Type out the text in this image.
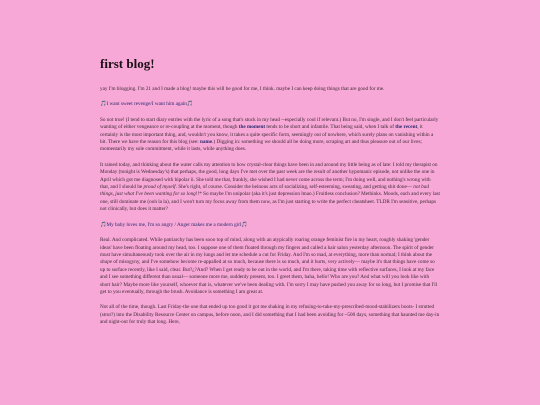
first blog!

yay I'm blogging. I'm 21 and I made a blog! maybe this will be good for me, I think. maybe I can keep doing things that are good for me.

🎵I want sweet revenge/I want him again🎵

So not true! (I tend to start diary entries with the lyric of a song that's stuck in my head --especially cool if relevant.) But no, I'm single, and I don't feel particularly wanting of either vengeance or re-coupling at the moment, though the moment tends to be short and infantile. That being said, when I talk of the recent, it certainly is the most important thing, and, wouldn't you know, it takes a quite specific form, seemingly out of nowhere, which surely plans on vanishing within a bit. There we have the reason for this blog (see: name.) Digging in: something we should all be doing more, scraping art and thus pleasure out of our lives; momentarily my sole commitment, while it lasts, while anything does.

It rained today, and thinking about the water calls my attention to how crystal-clear things have been in and around my little being as of late: I told my therapist on Monday (tonight is Wednesday's) that perhaps, the good, long days I've met over the past week are the result of another hypomanic episode, not unlike the one in April which got me diagnosed with bipolar ii. She told me that, frankly, she wished I had never come across the term; I'm doing well, and nothing's wrong with that, and I should be proud of myself. She's right, of course. Consider the heinous acts of socializing, self-esteeming, sweating, and getting shit done— not bad things, just what I've been wanting for so long!!* So maybe I'm unipolar (aka it's just depression lmao.) Fruitless conclusion? Methinks. Moods, each and every last one, still dominate me (ooh la la), and I won't turn my focus away from them now, as I'm just starting to write the perfect cheatsheet. TLDR I'm sensitive, perhaps not clinically, but does it matter?

🎵My baby loves me, I'm so angry / Anger makes me a modern girl🎵

Real. And complicated. While patriarchy has been sooo top of mind, along with an atypically roaring orange feminist fire in my heart, roughly shaking 'gender ideas' have been floating around my head, too. I suppose one of them floated through my fingers and called a hair salon yesterday afternoon. The spirit of gender must have simultaneously took over the air in my lungs and let me schedule a cut for Friday. And I'm so mad, at everything, more than normal; I think about the shape of misogyny, and I've somehow become re-appalled at so much, because there is so much, and it hurts, very actively— maybe it's that things have come so up to surface recently, like I said, clear. But?¿?And? When I get ready to be out in the world, and I'm there, taking time with reflective surfaces, I look at my face and I see something different than usual— someone more me, suddenly present, too. I greet them, haha, hello! Who are you? And what will you look like with short hair? Maybe more like yourself, whoever that is, whatever we've been dealing with. I'm sorry I may have pushed you away for so long, but I promise that I'll get to you eventually, through the brush. Avoidance is something I am great at.

Not all of the time, though. Last Friday-the one that ended up too good it got me shaking in my refusing-to-take-my-prescribed-mood-stabilizers boots- I strutted (strut?) into the Disability Resource Center on campus, before noon, and I did something that I had been avoiding for ~500 days, something that haunted me day-in and night-out for truly that long. Here,
